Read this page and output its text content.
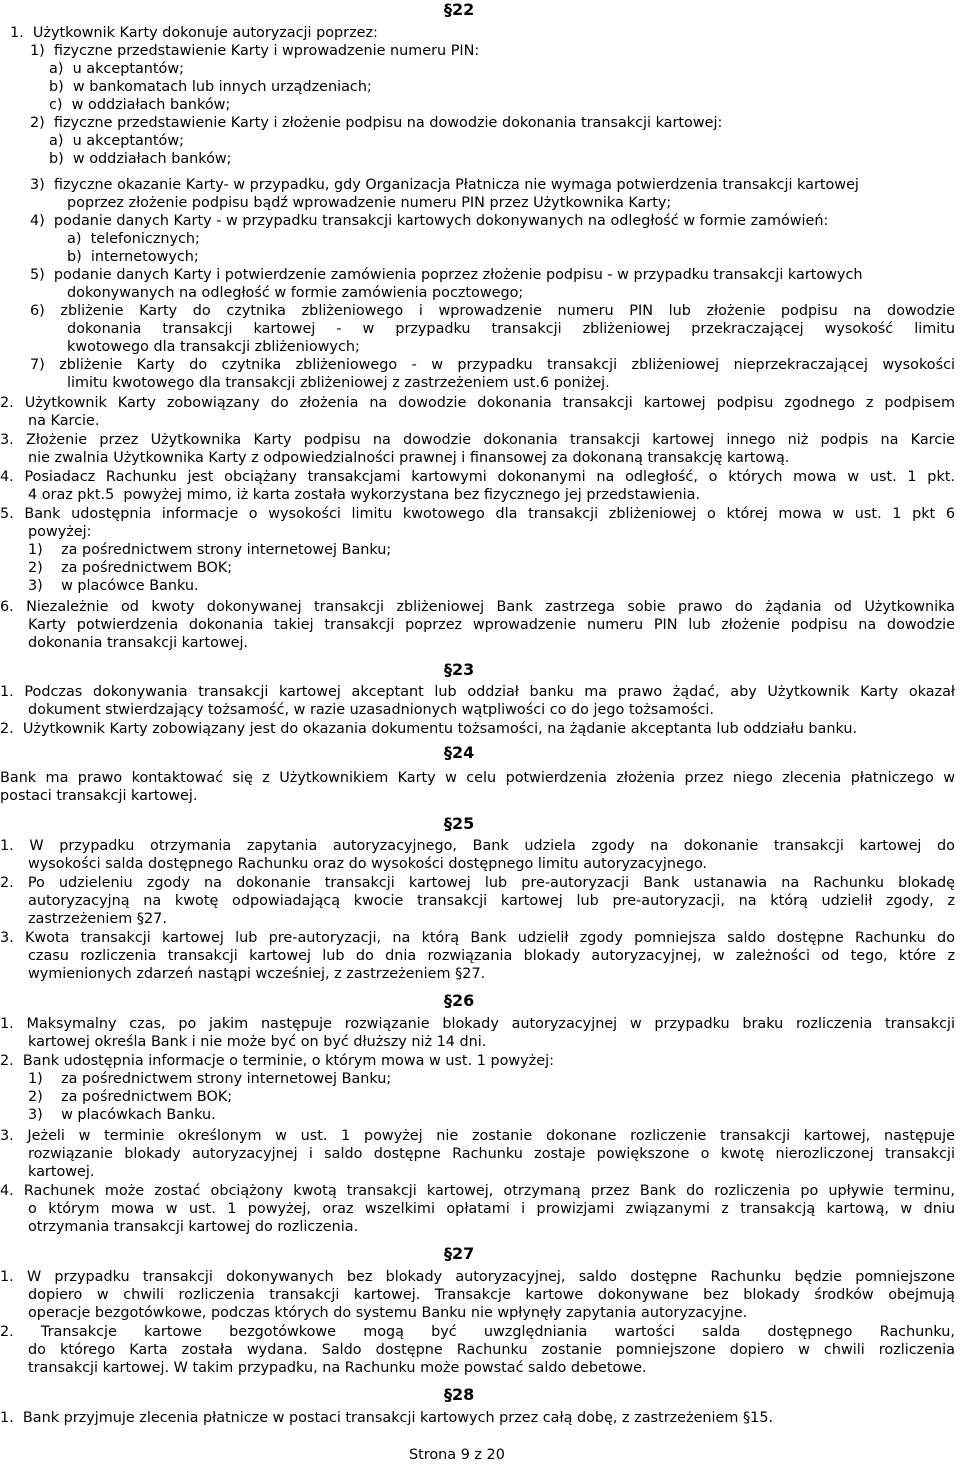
§22
§23
§24
§25
§26
§27
§28
1.  Użytkownik Karty dokonuje autoryzacji poprzez:
1)  fizyczne przedstawienie Karty i wprowadzenie numeru PIN:
a)  u akceptantów;
b)  w bankomatach lub innych urządzeniach;
c)  w oddziałach banków;
2)  fizyczne przedstawienie Karty i złożenie podpisu na dowodzie dokonania transakcji kartowej:
a)  u akceptantów;
b)  w oddziałach banków;
3)  fizyczne okazanie Karty- w przypadku, gdy Organizacja Płatnicza nie wymaga potwierdzenia transakcji kartowej
poprzez złożenie podpisu bądź wprowadzenie numeru PIN przez Użytkownika Karty;
4)  podanie danych Karty - w przypadku transakcji kartowych dokonywanych na odległość w formie zamówień:
a)  telefonicznych;
b)  internetowych;
5)  podanie danych Karty i potwierdzenie zamówienia poprzez złożenie podpisu - w przypadku transakcji kartowych
dokonywanych na odległość w formie zamówienia pocztowego;
6) zbliżenie Karty do czytnika zbliżeniowego i wprowadzenie numeru PIN lub złożenie podpisu na dowodzie
dokonania transakcji kartowej - w przypadku transakcji zbliżeniowej przekraczającej wysokość limitu
kwotowego dla transakcji zbliżeniowych;
7) zbliżenie Karty do czytnika zbliżeniowego - w przypadku transakcji zbliżeniowej nieprzekraczającej wysokości
limitu kwotowego dla transakcji zbliżeniowej z zastrzeżeniem ust.6 poniżej.
2. Użytkownik Karty zobowiązany do złożenia na dowodzie dokonania transakcji kartowej podpisu zgodnego z podpisem
na Karcie.
3. Złożenie przez Użytkownika Karty podpisu na dowodzie dokonania transakcji kartowej innego niż podpis na Karcie
nie zwalnia Użytkownika Karty z odpowiedzialności prawnej i finansowej za dokonaną transakcję kartową.
4. Posiadacz Rachunku jest obciążany transakcjami kartowymi dokonanymi na odległość, o których mowa w ust. 1 pkt.
4 oraz pkt.5  powyżej mimo, iż karta została wykorzystana bez fizycznego jej przedstawienia.
5. Bank udostępnia informacje o wysokości limitu kwotowego dla transakcji zbliżeniowej o której mowa w ust. 1 pkt 6
powyżej:
1)    za pośrednictwem strony internetowej Banku;
2)    za pośrednictwem BOK;
3)    w placówce Banku.
6. Niezależnie od kwoty dokonywanej transakcji zbliżeniowej Bank zastrzega sobie prawo do żądania od Użytkownika
Karty potwierdzenia dokonania takiej transakcji poprzez wprowadzenie numeru PIN lub złożenie podpisu na dowodzie
dokonania transakcji kartowej.
1. Podczas dokonywania transakcji kartowej akceptant lub oddział banku ma prawo żądać, aby Użytkownik Karty okazał
dokument stwierdzający tożsamość, w razie uzasadnionych wątpliwości co do jego tożsamości.
2.  Użytkownik Karty zobowiązany jest do okazania dokumentu tożsamości, na żądanie akceptanta lub oddziału banku.
Bank ma prawo kontaktować się z Użytkownikiem Karty w celu potwierdzenia złożenia przez niego zlecenia płatniczego w
postaci transakcji kartowej.
1. W przypadku otrzymania zapytania autoryzacyjnego, Bank udziela zgody na dokonanie transakcji kartowej do
wysokości salda dostępnego Rachunku oraz do wysokości dostępnego limitu autoryzacyjnego.
2. Po udzieleniu zgody na dokonanie transakcji kartowej lub pre-autoryzacji Bank ustanawia na Rachunku blokadę
autoryzacyjną na kwotę odpowiadającą kwocie transakcji kartowej lub pre-autoryzacji, na którą udzielił zgody, z
zastrzeżeniem §27.
3. Kwota transakcji kartowej lub pre-autoryzacji, na którą Bank udzielił zgody pomniejsza saldo dostępne Rachunku do
czasu rozliczenia transakcji kartowej lub do dnia rozwiązania blokady autoryzacyjnej, w zależności od tego, które z
wymienionych zdarzeń nastąpi wcześniej, z zastrzeżeniem §27.
1. Maksymalny czas, po jakim następuje rozwiązanie blokady autoryzacyjnej w przypadku braku rozliczenia transakcji
kartowej określa Bank i nie może być on być dłuższy niż 14 dni.
2.  Bank udostępnia informacje o terminie, o którym mowa w ust. 1 powyżej:
1)    za pośrednictwem strony internetowej Banku;
2)    za pośrednictwem BOK;
3)    w placówkach Banku.
3. Jeżeli w terminie określonym w ust. 1 powyżej nie zostanie dokonane rozliczenie transakcji kartowej, następuje
rozwiązanie blokady autoryzacyjnej i saldo dostępne Rachunku zostaje powiększone o kwotę nierozliczonej transakcji
kartowej.
4. Rachunek może zostać obciążony kwotą transakcji kartowej, otrzymaną przez Bank do rozliczenia po upływie terminu,
o którym mowa w ust. 1 powyżej, oraz wszelkimi opłatami i prowizjami związanymi z transakcją kartową, w dniu
otrzymania transakcji kartowej do rozliczenia.
1. W przypadku transakcji dokonywanych bez blokady autoryzacyjnej, saldo dostępne Rachunku będzie pomniejszone
dopiero w chwili rozliczenia transakcji kartowej. Transakcje kartowe dokonywane bez blokady środków obejmują
operacje bezgotówkowe, podczas których do systemu Banku nie wpłynęły zapytania autoryzacyjne.
2. Transakcje kartowe bezgotówkowe mogą być uwzględniania wartości salda dostępnego Rachunku,
do którego Karta została wydana. Saldo dostępne Rachunku zostanie pomniejszone dopiero w chwili rozliczenia
transakcji kartowej. W takim przypadku, na Rachunku może powstać saldo debetowe.
1.  Bank przyjmuje zlecenia płatnicze w postaci transakcji kartowych przez całą dobę, z zastrzeżeniem §15.
Strona 9 z 20
